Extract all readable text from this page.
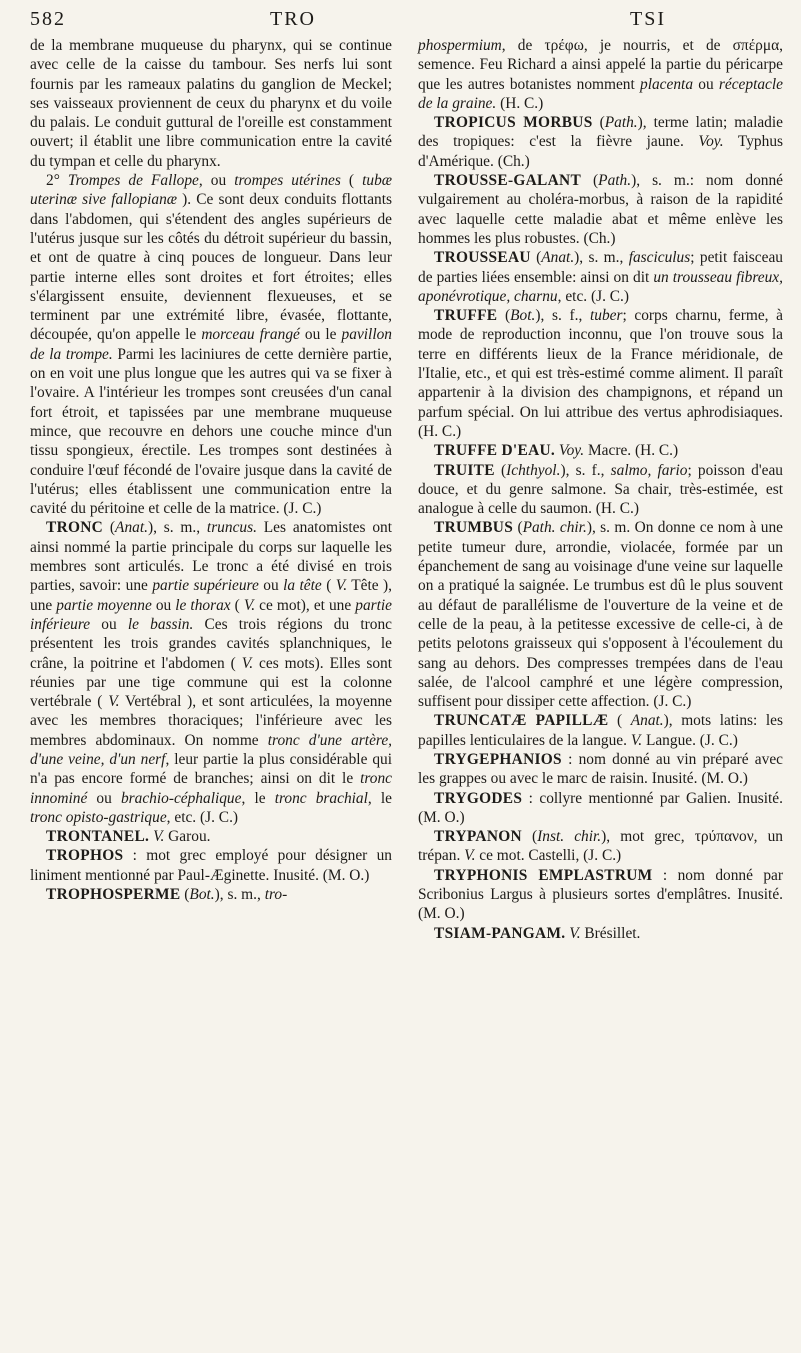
582	TRO	TSI

de la membrane muqueuse du pharynx, qui se continue avec celle de la caisse du tambour. Ses nerfs lui sont fournis par les rameaux palatins du ganglion de Meckel; ses vaisseaux proviennent de ceux du pharynx et du voile du palais. Le conduit guttural de l'oreille est constamment ouvert; il établit une libre communication entre la cavité du tympan et celle du pharynx.

2° Trompes de Fallope, ou trompes utérines ( tubæ uterinæ sive fallopianæ ). Ce sont deux conduits flottants dans l'abdomen, qui s'étendent des angles supérieurs de l'utérus jusque sur les côtés du détroit supérieur du bassin, et ont de quatre à cinq pouces de longueur. Dans leur partie interne elles sont droites et fort étroites; elles s'élargissent ensuite, deviennent flexueuses, et se terminent par une extrémité libre, évasée, flottante, découpée, qu'on appelle le morceau frangé ou le pavillon de la trompe. Parmi les laciniures de cette dernière partie, on en voit une plus longue que les autres qui va se fixer à l'ovaire. A l'intérieur les trompes sont creusées d'un canal fort étroit, et tapissées par une membrane muqueuse mince, que recouvre en dehors une couche mince d'un tissu spongieux, érectile. Les trompes sont destinées à conduire l'œuf fécondé de l'ovaire jusque dans la cavité de l'utérus; elles établissent une communication entre la cavité du péritoine et celle de la matrice. (J. C.)

TRONC (Anat.), s. m., truncus. Les anatomistes ont ainsi nommé la partie principale du corps sur laquelle les membres sont articulés. Le tronc a été divisé en trois parties, savoir: une partie supérieure ou la tête ( V. Tête ), une partie moyenne ou le thorax ( V. ce mot), et une partie inférieure ou le bassin. Ces trois régions du tronc présentent les trois grandes cavités splanchniques, le crâne, la poitrine et l'abdomen ( V. ces mots). Elles sont réunies par une tige commune qui est la colonne vertébrale ( V. Vertébral ), et sont articulées, la moyenne avec les membres thoraciques; l'inférieure avec les membres abdominaux. On nomme tronc d'une artère, d'une veine, d'un nerf, leur partie la plus considérable qui n'a pas encore formé de branches; ainsi on dit le tronc innominé ou brachio-céphalique, le tronc brachial, le tronc opisto-gastrique, etc. (J. C.)

TRONTANEL. V. Garou.

TROPHOS : mot grec employé pour désigner un liniment mentionné par Paul-Æginette. Inusité. (M. O.)

TROPHOSPERME (Bot.), s. m., tro-

phospermium, de τρέφω, je nourris, et de σπέρμα, semence. Feu Richard a ainsi appelé la partie du péricarpe que les autres botanistes nomment placenta ou réceptacle de la graine. (H. C.)

TROPICUS MORBUS (Path.), terme latin; maladie des tropiques: c'est la fièvre jaune. Voy. Typhus d'Amérique. (Ch.)

TROUSSE-GALANT (Path.), s. m.: nom donné vulgairement au choléra-morbus, à raison de la rapidité avec laquelle cette maladie abat et même enlève les hommes les plus robustes. (Ch.)

TROUSSEAU (Anat.), s. m., fasciculus; petit faisceau de parties liées ensemble: ainsi on dit un trousseau fibreux, aponévrotique, charnu, etc. (J. C.)

TRUFFE (Bot.), s. f., tuber; corps charnu, ferme, à mode de reproduction inconnu, que l'on trouve sous la terre en différents lieux de la France méridionale, de l'Italie, etc., et qui est très-estimé comme aliment. Il paraît appartenir à la division des champignons, et répand un parfum spécial. On lui attribue des vertus aphrodisiaques. (H. C.)

TRUFFE D'EAU. Voy. Macre. (H. C.)

TRUITE (Ichthyol.), s. f., salmo, fario; poisson d'eau douce, et du genre salmone. Sa chair, très-estimée, est analogue à celle du saumon. (H. C.)

TRUMBUS (Path. chir.), s. m. On donne ce nom à une petite tumeur dure, arrondie, violacée, formée par un épanchement de sang au voisinage d'une veine sur laquelle on a pratiqué la saignée. Le trumbus est dû le plus souvent au défaut de parallélisme de l'ouverture de la veine et de celle de la peau, à la petitesse excessive de celle-ci, à de petits pelotons graisseux qui s'opposent à l'écoulement du sang au dehors. Des compresses trempées dans de l'eau salée, de l'alcool camphré et une légère compression, suffisent pour dissiper cette affection. (J. C.)

TRUNCATÆ PAPILLÆ ( Anat.), mots latins: les papilles lenticulaires de la langue. V. Langue. (J. C.)

TRYGEPHANIOS : nom donné au vin préparé avec les grappes ou avec le marc de raisin. Inusité. (M. O.)

TRYGODES : collyre mentionné par Galien. Inusité. (M. O.)

TRYPANON (Inst. chir.), mot grec, τρύπανον, un trépan. V. ce mot. Castelli, (J. C.)

TRYPHONIS EMPLASTRUM : nom donné par Scribonius Largus à plusieurs sortes d'emplâtres. Inusité. (M. O.)

TSIAM-PANGAM. V. Brésillet.
